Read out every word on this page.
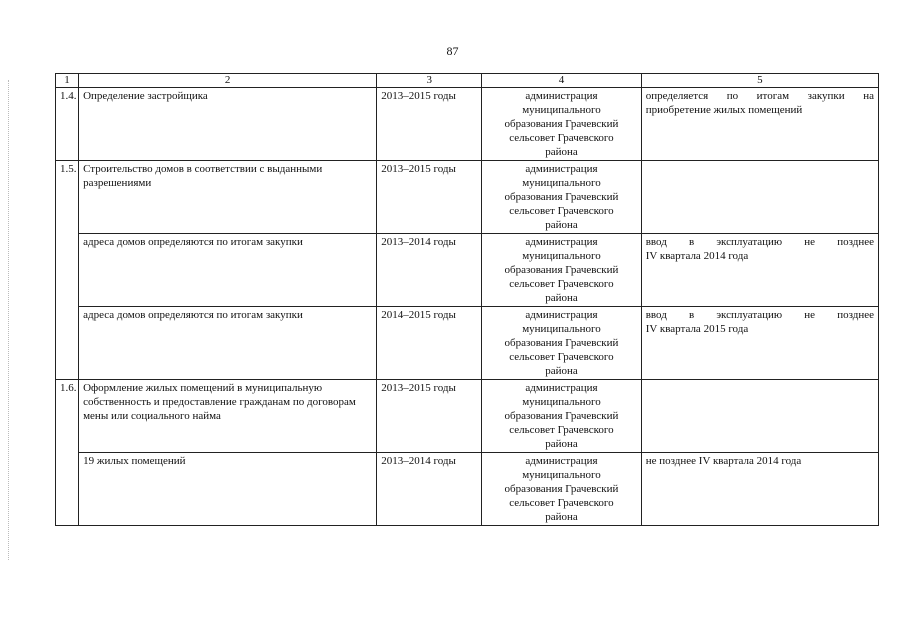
87
1	2	3	4	5
1.4.	Определение застройщика	2013–2015 годы	администрация
муниципального
образования Грачевский
сельсовет Грачевского
района	определяется по итогам закупки на
приобретение жилых помещений

1.5.	Строительство домов в соответствии с выданными разрешениями	2013–2015 годы	администрация
муниципального
образования Грачевский
сельсовет Грачевского
района	

	адреса домов определяются по итогам закупки	2013–2014 годы	администрация
муниципального
образования Грачевский
сельсовет Грачевского
района	ввод в эксплуатацию не позднее
IV квартала 2014 года

	адреса домов определяются по итогам закупки	2014–2015 годы	администрация
муниципального
образования Грачевский
сельсовет Грачевского
района	ввод в эксплуатацию не позднее
IV квартала 2015 года

1.6.	Оформление жилых помещений в муниципальную собственность и предоставление гражданам по договорам мены или социального найма	2013–2015 годы	администрация
муниципального
образования Грачевский
сельсовет Грачевского
района	

	19 жилых помещений	2013–2014 годы	администрация
муниципального
образования Грачевский
сельсовет Грачевского
района	не позднее IV квартала 2014 года
